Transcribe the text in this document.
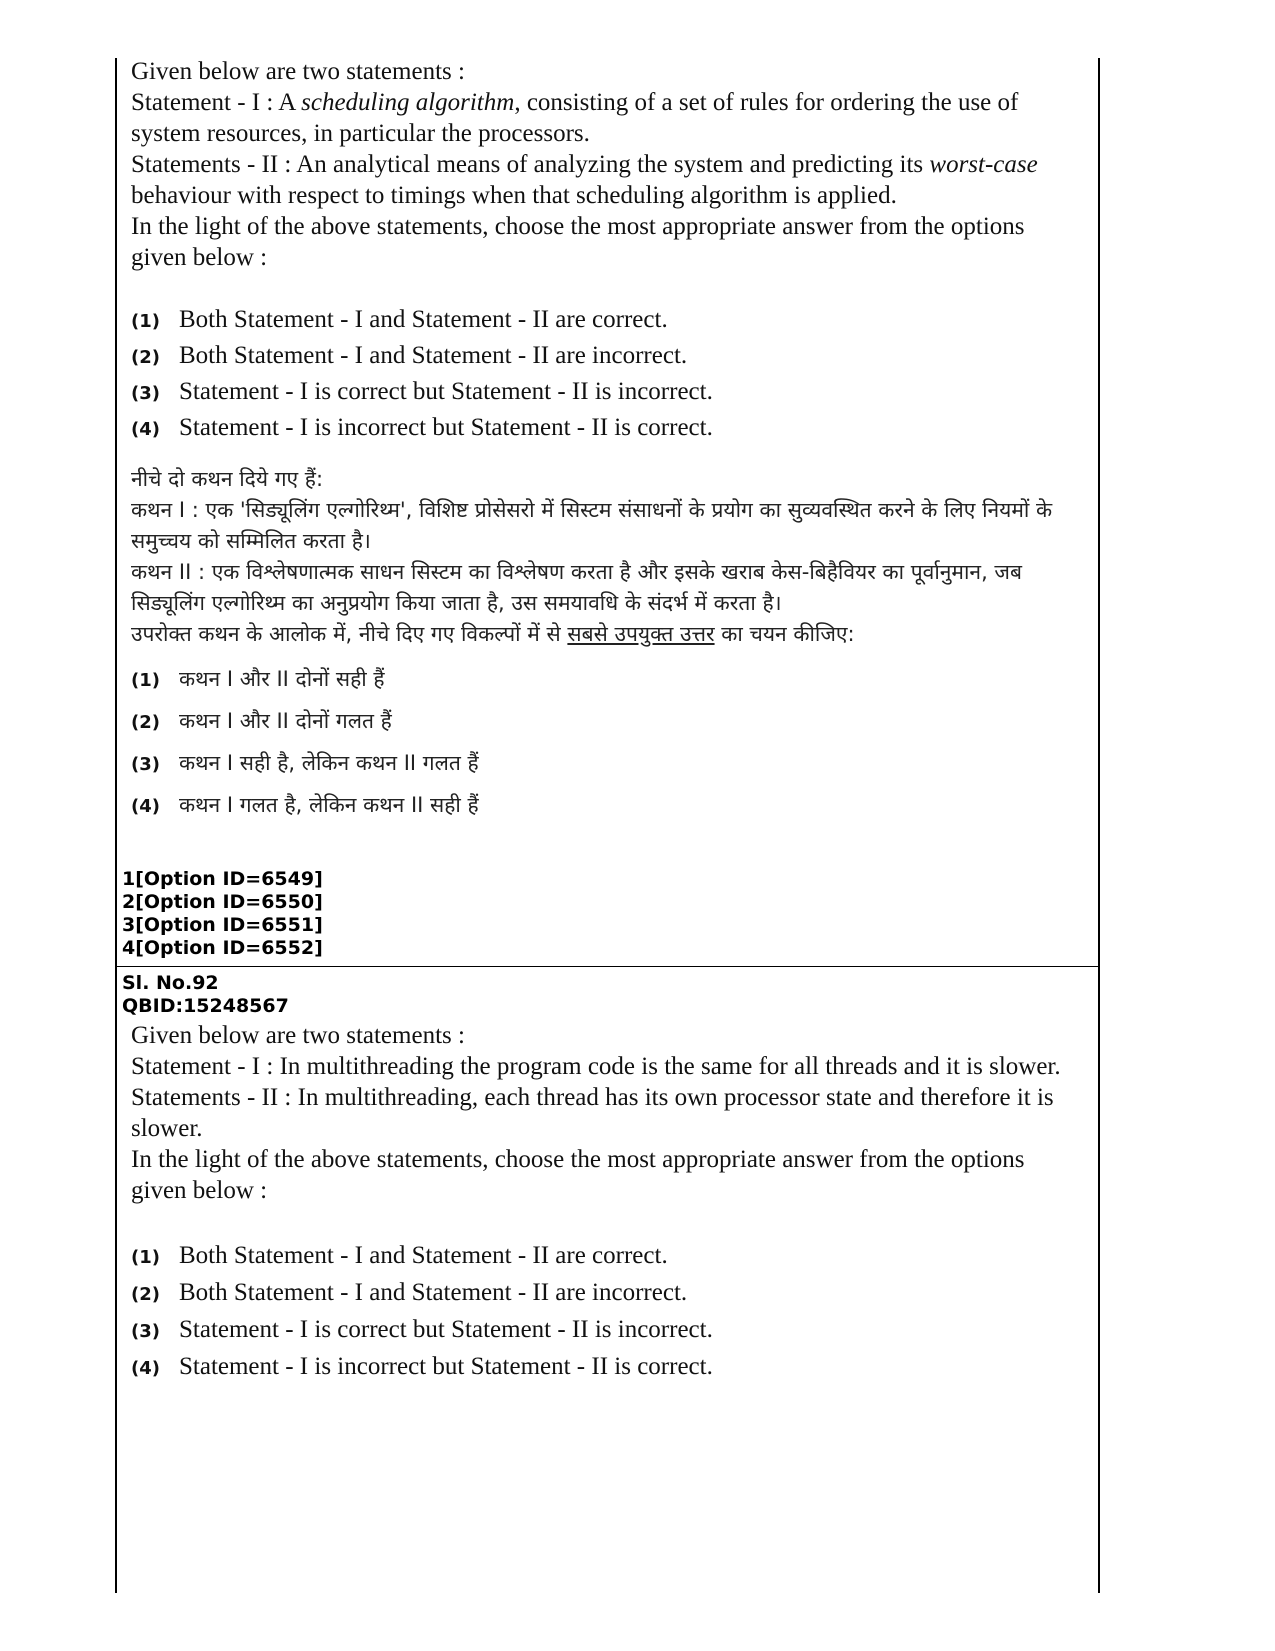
Given below are two statements :

Statement - I : A scheduling algorithm, consisting of a set of rules for ordering the use of system resources, in particular the processors.

Statements - II : An analytical means of analyzing the system and predicting its worst-case behaviour with respect to timings when that scheduling algorithm is applied.

In the light of the above statements, choose the most appropriate answer from the options given below :

(1) Both Statement - I and Statement - II are correct.
(2) Both Statement - I and Statement - II are incorrect.
(3) Statement - I is correct but Statement - II is incorrect.
(4) Statement - I is incorrect but Statement - II is correct.

नीचे दो कथन दिये गए हैं:

कथन I : एक 'सिड्यूलिंग एल्गोरिथ्म', विशिष्ट प्रोसेसरो में सिस्टम संसाधनों के प्रयोग का सुव्यवस्थित करने के लिए नियमों के समुच्चय को सम्मिलित करता है।

कथन II : एक विश्लेषणात्मक साधन सिस्टम का विश्लेषण करता है और इसके खराब केस-बिहैवियर का पूर्वानुमान, जब सिड्यूलिंग एल्गोरिथ्म का अनुप्रयोग किया जाता है, उस समयावधि के संदर्भ में करता है।

उपरोक्त कथन के आलोक में, नीचे दिए गए विकल्पों में से सबसे उपयुक्त उत्तर का चयन कीजिए:

(1) कथन I और II दोनों सही हैं
(2) कथन I और II दोनों गलत हैं
(3) कथन I सही है, लेकिन कथन II गलत हैं
(4) कथन I गलत है, लेकिन कथन II सही हैं
1[Option ID=6549]
2[Option ID=6550]
3[Option ID=6551]
4[Option ID=6552]
Sl. No.92
QBID:15248567

Given below are two statements :

Statement - I : In multithreading the program code is the same for all threads and it is slower.

Statements - II : In multithreading, each thread has its own processor state and therefore it is slower.

In the light of the above statements, choose the most appropriate answer from the options given below :

(1) Both Statement - I and Statement - II are correct.
(2) Both Statement - I and Statement - II are incorrect.
(3) Statement - I is correct but Statement - II is incorrect.
(4) Statement - I is incorrect but Statement - II is correct.
